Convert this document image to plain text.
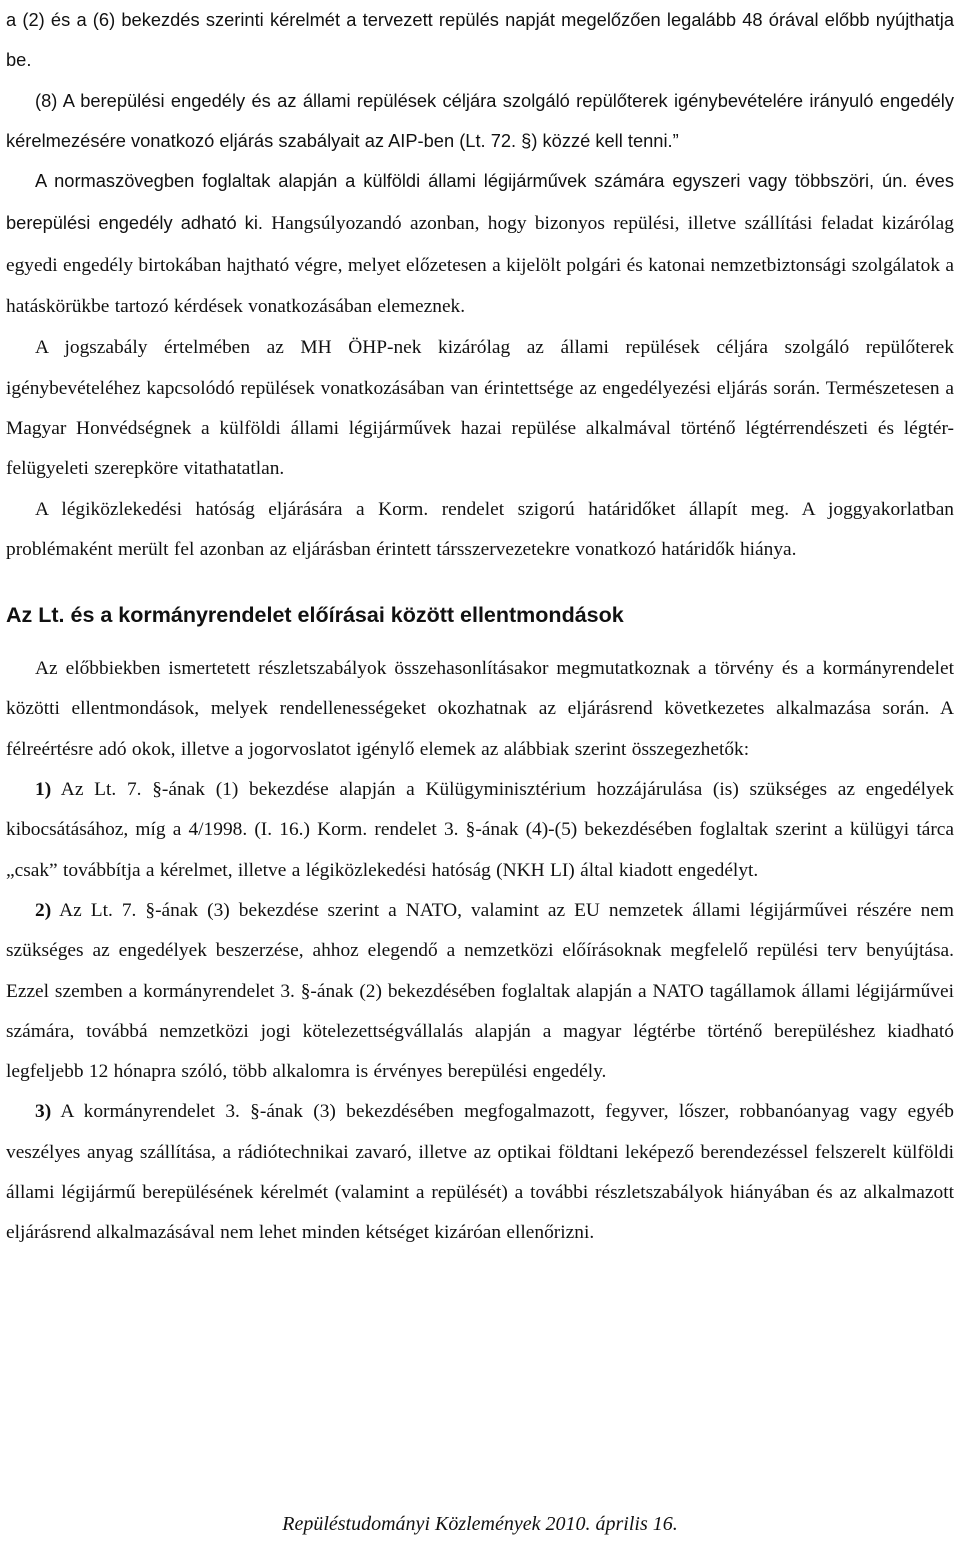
a (2) és a (6) bekezdés szerinti kérelmét a tervezett repülés napját megelőzően legalább 48 órával előbb nyújthatja be.

(8) A berepülési engedély és az állami repülések céljára szolgáló repülőterek igénybevételére irányuló engedély kérelmezésére vonatkozó eljárás szabályait az AIP-ben (Lt. 72. §) közzé kell tenni.”

A normaszövegben foglaltak alapján a külföldi állami légijárművek számára egyszeri vagy többszöri, ún. éves berepülési engedély adható ki. Hangsúlyozandó azonban, hogy bizonyos repülési, illetve szállítási feladat kizárólag egyedi engedély birtokában hajtható végre, melyet előzetesen a kijelölt polgári és katonai nemzetbiztonsági szolgálatok a hatáskörükbe tartozó kérdések vonatkozásában elemeznek.

A jogszabály értelmében az MH ÖHP-nek kizárólag az állami repülések céljára szolgáló repülőterek igénybevételéhez kapcsolódó repülések vonatkozásában van érintettsége az engedélyezési eljárás során. Természetesen a Magyar Honvédségnek a külföldi állami légijárművek hazai repülése alkalmával történő légtérrendészeti és légtér-felügyeleti szerepköre vitathatatlan.

A légiközlekedési hatóság eljárására a Korm. rendelet szigorú határidőket állapít meg. A joggyakorlatban problémaként merült fel azonban az eljárásban érintett társszervezetekre vonatkozó határidők hiánya.

Az Lt. és a kormányrendelet előírásai között ellentmondások

Az előbbiekben ismertetett részletszabályok összehasonlításakor megmutatkoznak a törvény és a kormányrendelet közötti ellentmondások, melyek rendellenességeket okozhatnak az eljárásrend következetes alkalmazása során. A félreértésre adó okok, illetve a jogorvoslatot igénylő elemek az alábbiak szerint összegezhetők:

1) Az Lt. 7. §-ának (1) bekezdése alapján a Külügyminisztérium hozzájárulása (is) szükséges az engedélyek kibocsátásához, míg a 4/1998. (I. 16.) Korm. rendelet 3. §-ának (4)-(5) bekezdésében foglaltak szerint a külügyi tárca „csak” továbbítja a kérelmet, illetve a légiközlekedési hatóság (NKH LI) által kiadott engedélyt.

2) Az Lt. 7. §-ának (3) bekezdése szerint a NATO, valamint az EU nemzetek állami légijárművei részére nem szükséges az engedélyek beszerzése, ahhoz elegendő a nemzetközi előírásoknak megfelelő repülési terv benyújtása. Ezzel szemben a kormányrendelet 3. §-ának (2) bekezdésében foglaltak alapján a NATO tagállamok állami légijárművei számára, továbbá nemzetközi jogi kötelezettségvállalás alapján a magyar légtérbe történő berepüléshez kiadható legfeljebb 12 hónapra szóló, több alkalomra is érvényes berepülési engedély.

3) A kormányrendelet 3. §-ának (3) bekezdésében megfogalmazott, fegyver, lőszer, robbanóanyag vagy egyéb veszélyes anyag szállítása, a rádiótechnikai zavaró, illetve az optikai földtani leképező berendezéssel felszerelt külföldi állami légijármű berepülésének kérelmét (valamint a repülését) a további részletszabályok hiányában és az alkalmazott eljárásrend alkalmazásával nem lehet minden kétséget kizáróan ellenőrizni.

Repüléstudományi Közlemények 2010. április 16.
